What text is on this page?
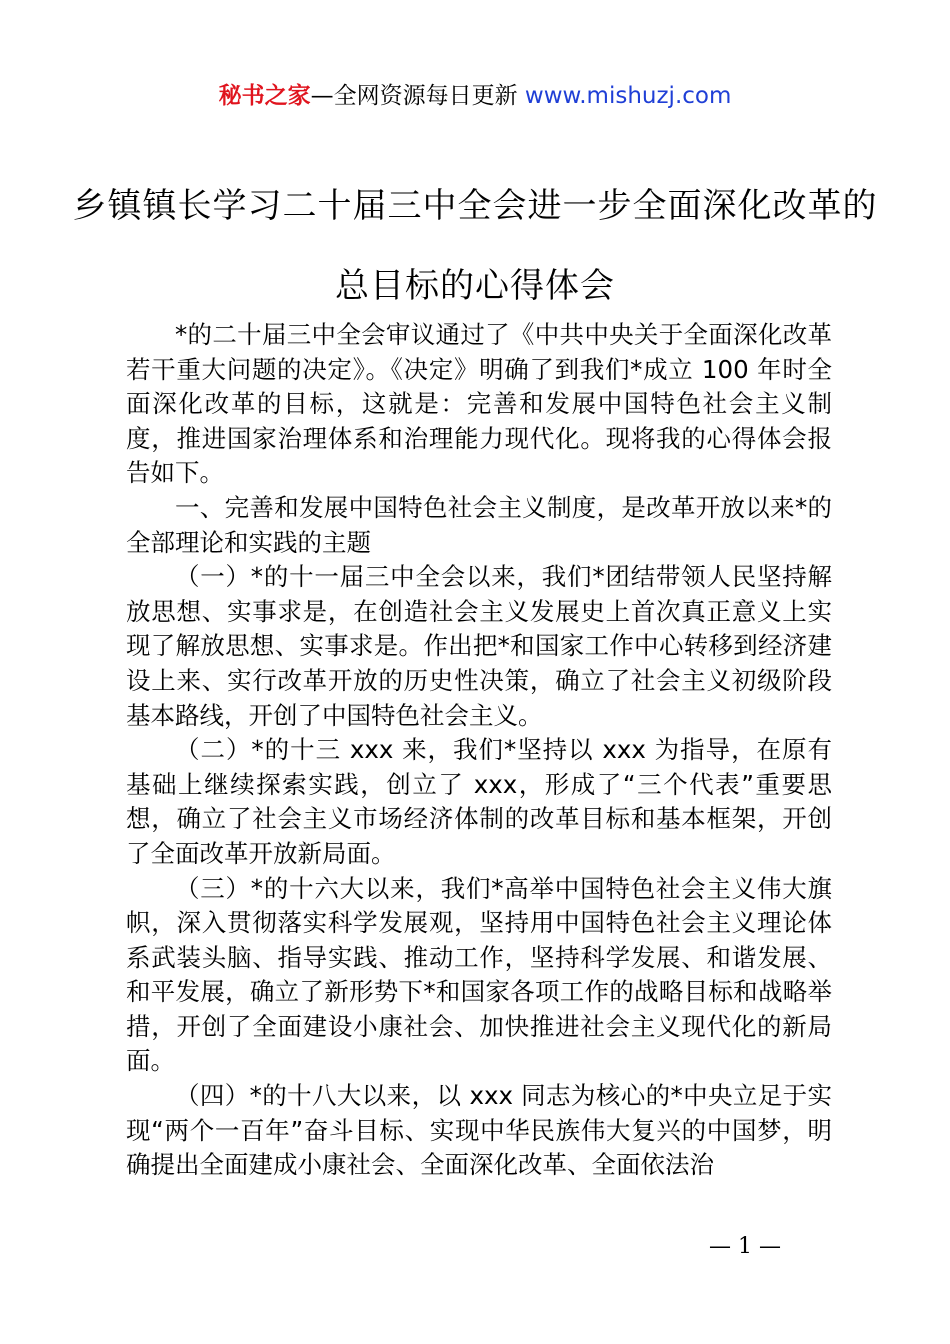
秘书之家—全网资源每日更新 www.mishuzj.com
乡镇镇长学习二十届三中全会进一步全面深化改革的总目标的心得体会

*的二十届三中全会审议通过了《中共中央关于全面深化改革若干重大问题的决定》。《决定》明确了到我们*成立 100 年时全面深化改革的目标，这就是：完善和发展中国特色社会主义制度，推进国家治理体系和治理能力现代化。现将我的心得体会报告如下。

一、完善和发展中国特色社会主义制度，是改革开放以来*的全部理论和实践的主题

（一）*的十一届三中全会以来，我们*团结带领人民坚持解放思想、实事求是，在创造社会主义发展史上首次真正意义上实现了解放思想、实事求是。作出把*和国家工作中心转移到经济建设上来、实行改革开放的历史性决策，确立了社会主义初级阶段基本路线，开创了中国特色社会主义。

（二）*的十三 xxx 来，我们*坚持以 xxx 为指导，在原有基础上继续探索实践，创立了 xxx，形成了“三个代表”重要思想，确立了社会主义市场经济体制的改革目标和基本框架，开创了全面改革开放新局面。

（三）*的十六大以来，我们*高举中国特色社会主义伟大旗帜，深入贯彻落实科学发展观，坚持用中国特色社会主义理论体系武装头脑、指导实践、推动工作，坚持科学发展、和谐发展、和平发展，确立了新形势下*和国家各项工作的战略目标和战略举措，开创了全面建设小康社会、加快推进社会主义现代化的新局面。

（四）*的十八大以来，以 xxx 同志为核心的*中央立足于实现“两个一百年”奋斗目标、实现中华民族伟大复兴的中国梦，明确提出全面建成小康社会、全面深化改革、全面依法治

— 1 —
